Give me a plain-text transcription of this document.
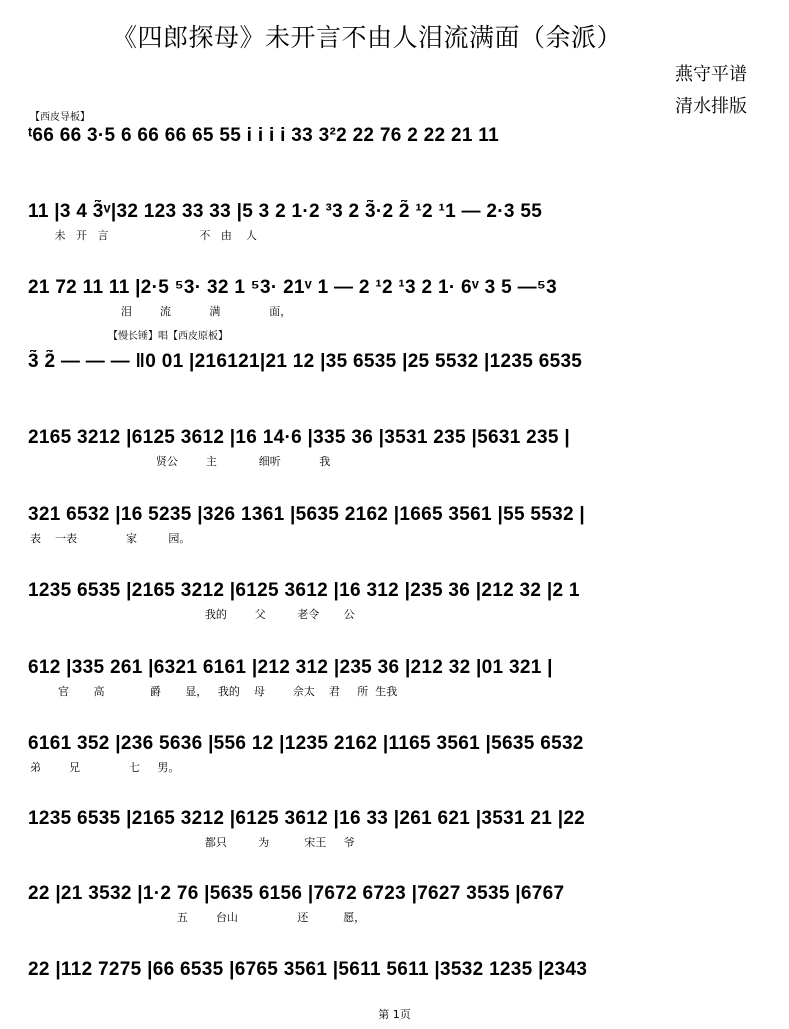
《四郎探母》未开言不由人泪流满面（余派）
燕守平谱
清水排版
【西皮导板】
【慢长锤】唱【西皮原板】
ᵗ66 66 3·5 6 66 66 65 55 i i i i 33 3²2 22 76 2 22 21 11
11 |3 4 3̃ᵛ|32 123 33 33 |5 3 2 1·2 ³3 2 3̃·2 2̃ ¹2 ¹1 — 2·3 55
未   开   言                          不   由    人
21 72 11 11 |2·5 ⁵3· 32 1 ⁵3· 21ᵛ 1 — 2 ¹2 ¹3 2 1· 6ᵛ 3 5 —⁵3
泪        流           满              面，
3̃ 2̃ — — — ‖0 01 |216121|21 12 |35 6535 |25 5532 |1235 6535
2165 3212 |6125 3612 |16 14·6 |335 36 |3531 235 |5631 235 |
贤公        主            细听           我
321 6532 |16 5235 |326 1361 |5635 2162 |1665 3561 |55 5532 |
表    一表              家         园。
1235 6535 |2165 3212 |6125 3612 |16 312 |235 36 |212 32 |2 1
我的        父         老令       公
612 |335 261 |6321 6161 |212 312 |235 36 |212 32 |01 321 |
官       高             爵       显，   我的    母        佘太    君     所  生我
6161 352 |236 5636 |556 12 |1235 2162 |1165 3561 |5635 6532
弟        兄              七     男。
1235 6535 |2165 3212 |6125 3612 |16 33 |261 621 |3531 21 |22
都只         为          宋王     爷
22 |21 3532 |1·2 76 |5635 6156 |7672 6723 |7627 3535 |6767
五        台山                 还          愿，
22 |112 7275 |66 6535 |6765 3561 |5611 5611 |3532 1235 |2343
第 1页
